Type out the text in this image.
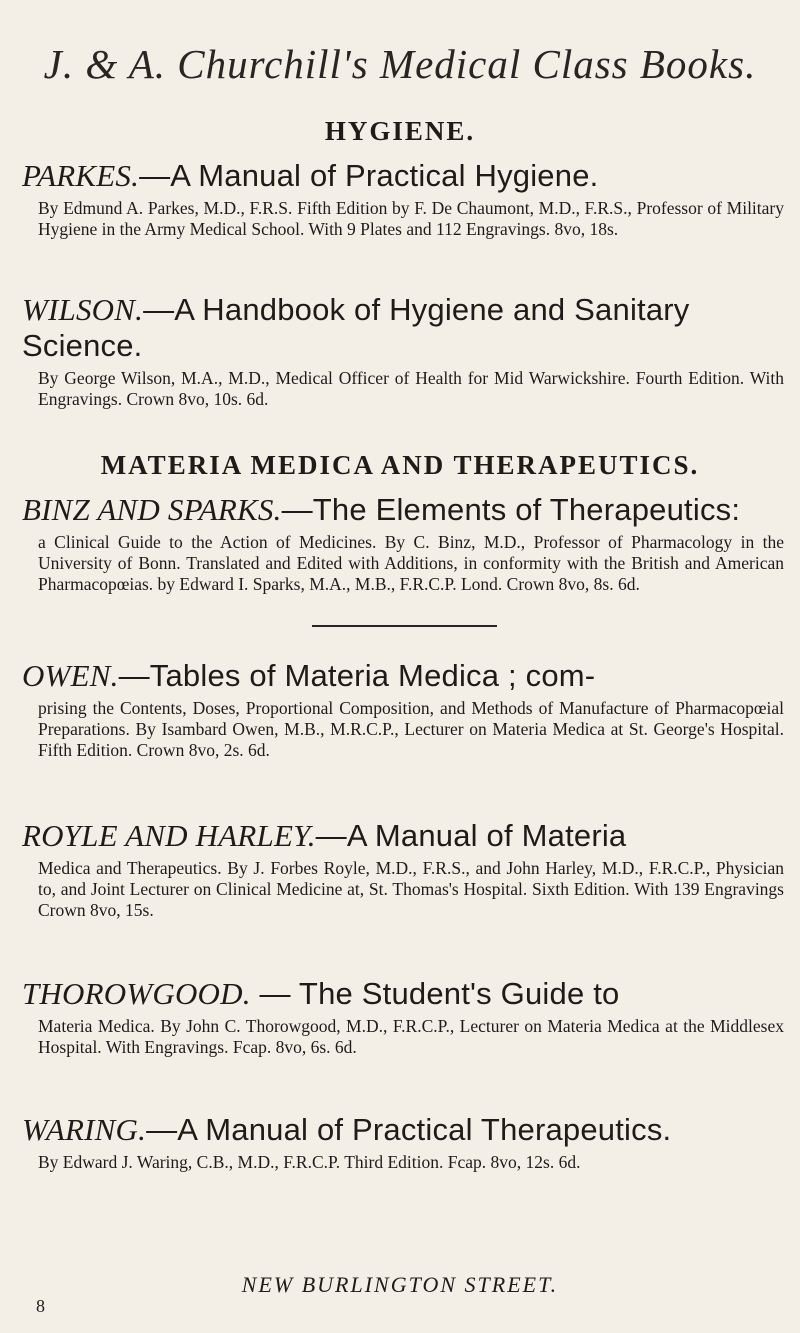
J. & A. Churchill's Medical Class Books.
HYGIENE.

PARKES.—A Manual of Practical Hygiene.

By Edmund A. Parkes, M.D., F.R.S. Fifth Edition by F. De Chaumont, M.D., F.R.S., Professor of Military Hygiene in the Army Medical School. With 9 Plates and 112 Engravings. 8vo, 18s.

WILSON.—A Handbook of Hygiene and Sanitary Science.

By George Wilson, M.A., M.D., Medical Officer of Health for Mid Warwickshire. Fourth Edition. With Engravings. Crown 8vo, 10s. 6d.

MATERIA MEDICA AND THERAPEUTICS.

BINZ AND SPARKS.—The Elements of Therapeutics:

a Clinical Guide to the Action of Medicines. By C. Binz, M.D., Professor of Pharmacology in the University of Bonn. Translated and Edited with Additions, in conformity with the British and American Pharmacopœias. by Edward I. Sparks, M.A., M.B., F.R.C.P. Lond. Crown 8vo, 8s. 6d.

OWEN.—Tables of Materia Medica ; com-

prising the Contents, Doses, Proportional Composition, and Methods of Manufacture of Pharmacopœial Preparations. By Isambard Owen, M.B., M.R.C.P., Lecturer on Materia Medica at St. George's Hospital. Fifth Edition. Crown 8vo, 2s. 6d.

ROYLE AND HARLEY.—A Manual of Materia

Medica and Therapeutics. By J. Forbes Royle, M.D., F.R.S., and John Harley, M.D., F.R.C.P., Physician to, and Joint Lecturer on Clinical Medicine at, St. Thomas's Hospital. Sixth Edition. With 139 Engravings Crown 8vo, 15s.

THOROWGOOD. — The Student's Guide to

Materia Medica. By John C. Thorowgood, M.D., F.R.C.P., Lecturer on Materia Medica at the Middlesex Hospital. With Engravings. Fcap. 8vo, 6s. 6d.

WARING.—A Manual of Practical Therapeutics.

By Edward J. Waring, C.B., M.D., F.R.C.P. Third Edition. Fcap. 8vo, 12s. 6d.

NEW BURLINGTON STREET.
8
